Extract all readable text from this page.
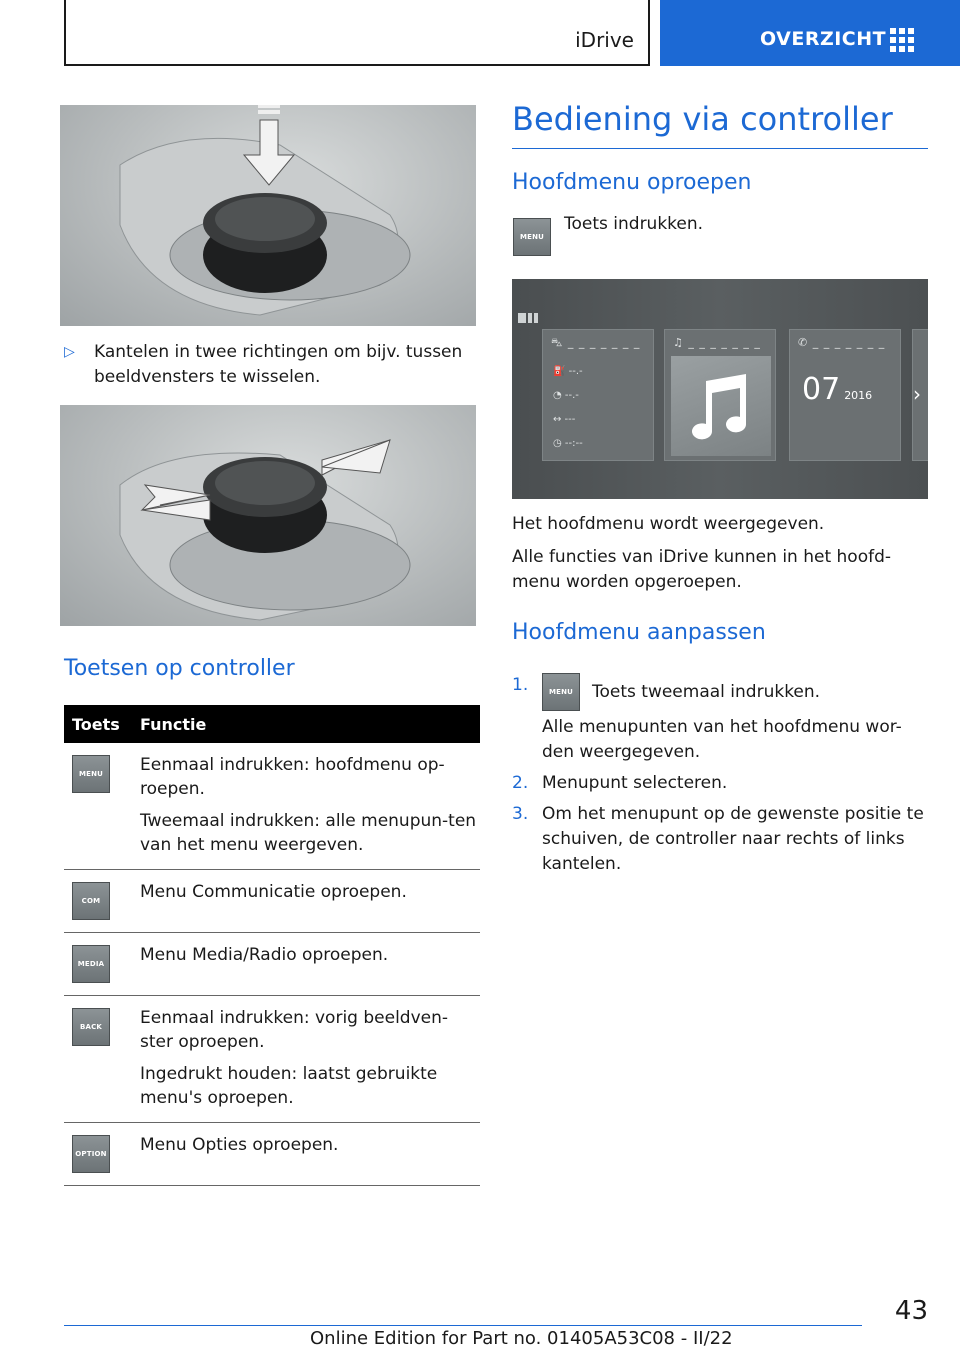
iDrive	OVERZICHT
▷	Kantelen in twee richtingen om bijv. tussen beeldvensters te wisselen.
Toetsen op controller
Toets	Functie

MENU	Eenmaal indrukken: hoofdmenu op-roepen.

Tweemaal indrukken: alle menupun-ten van het menu weergeven.

COM	Menu Communicatie oproepen.

MEDIA	Menu Media/Radio oproepen.

BACK	Eenmaal indrukken: vorig beeldven-ster oproepen.

Ingedrukt houden: laatst gebruikte menu's oproepen.

OPTION	Menu Opties oproepen.

Bediening via controller
Hoofdmenu oproepen
MENU
Toets indrukken.
⛍ _ _ _ _ _ _ _
⛽ --.-
◔ --.-
↔ ---
◷ --:--
♫ _ _ _ _ _ _ _	✆ _ _ _ _ _ _ _
07 2016 ›
Het hoofdmenu wordt weergegeven.
Alle functies van iDrive kunnen in het hoofd-menu worden opgeroepen.
Hoofdmenu aanpassen
1.	MENU Toets tweemaal indrukken.

Alle menupunten van het hoofdmenu wor-den weergegeven.

2. Menupunt selecteren.

3. Om het menupunt op de gewenste positie te schuiven, de controller naar rechts of links kantelen.

43
Online Edition for Part no. 01405A53C08 - II/22
